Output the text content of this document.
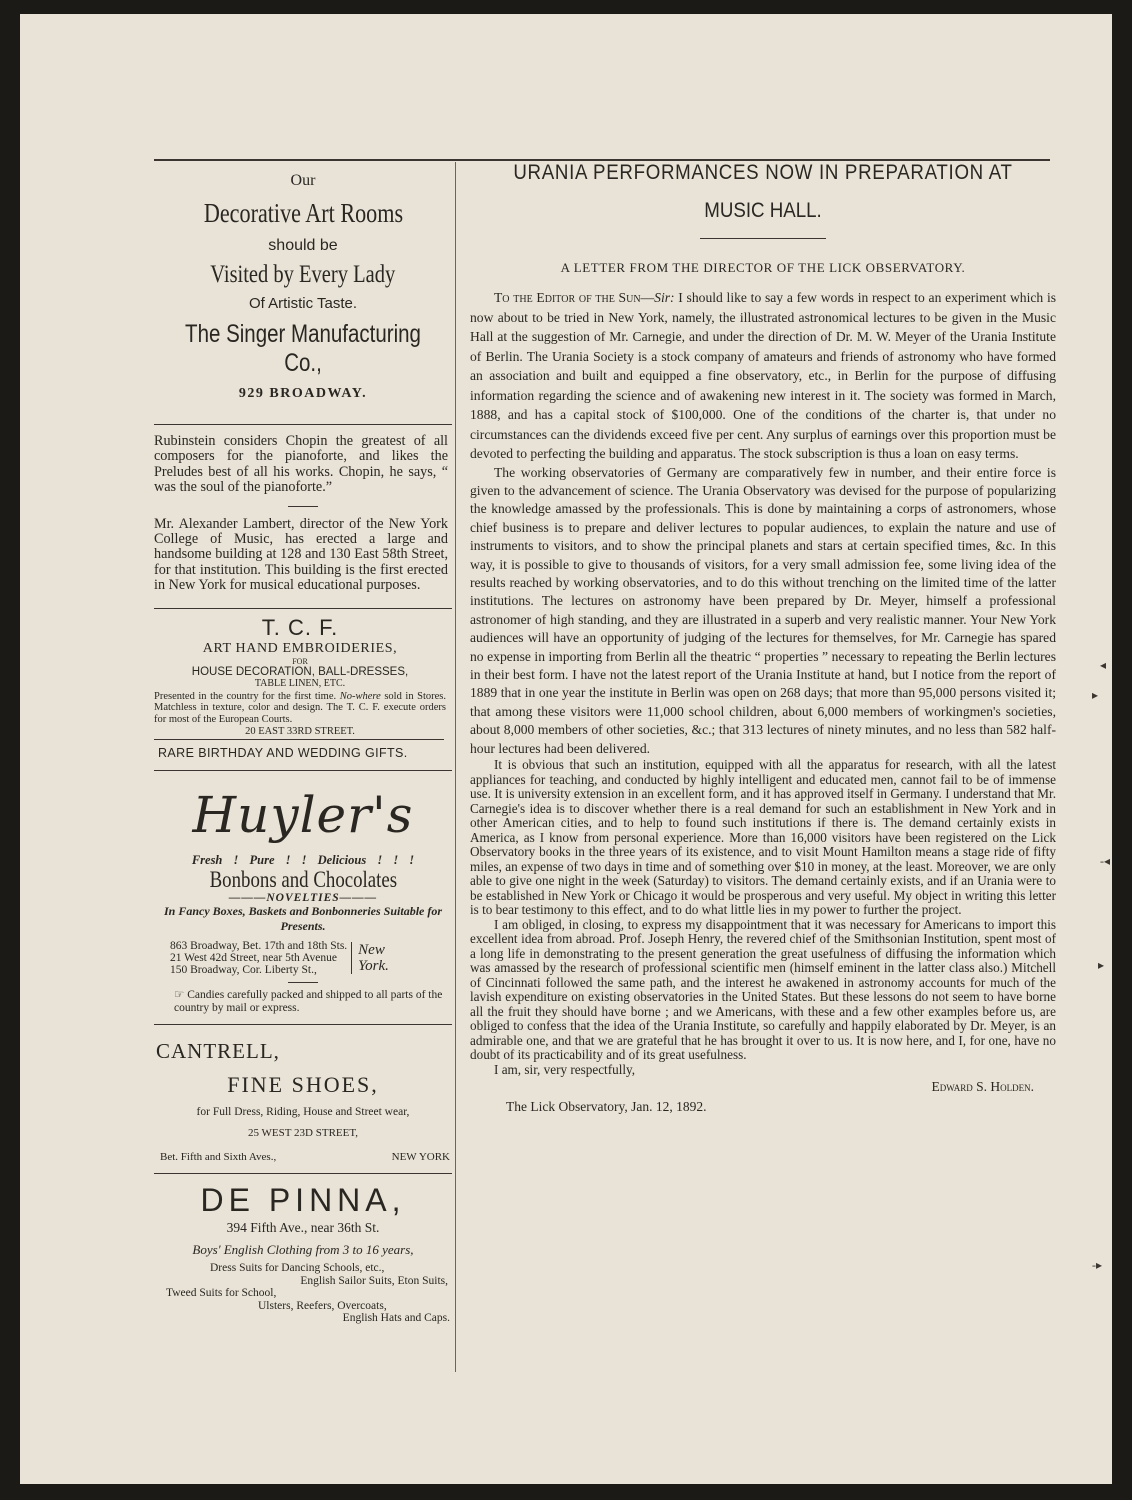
Our
Decorative Art Rooms
should be
Visited by Every Lady
Of Artistic Taste.
The Singer Manufacturing Co.,
929 BROADWAY.
Rubinstein considers Chopin the greatest of all composers for the pianoforte, and likes the Preludes best of all his works. Chopin, he says, “ was the soul of the pianoforte.”
Mr. Alexander Lambert, director of the New York College of Music, has erected a large and handsome building at 128 and 130 East 58th Street, for that institution. This building is the first erected in New York for musical educational purposes.
T. C. F.
ART HAND EMBROIDERIES,
FOR
HOUSE DECORATION, BALL-DRESSES,
TABLE LINEN, ETC.
Presented in the country for the first time. No-where sold in Stores. Matchless in texture, color and design. The T. C. F. execute orders for most of the European Courts.
20 EAST 33RD STREET.
RARE BIRTHDAY AND WEDDING GIFTS.
Huyler's
Fresh ! Pure ! ! Delicious ! ! !
Bonbons and Chocolates
———NOVELTIES———
In Fancy Boxes, Baskets and Bonbonneries Suitable for Presents.
863 Broadway, Bet. 17th and 18th Sts.
21 West 42d Street, near 5th Avenue
150 Broadway, Cor. Liberty St.,
New York.
☞ Candies carefully packed and shipped to all parts of the country by mail or express.
CANTRELL,
FINE SHOES,
for Full Dress, Riding, House and Street wear,
25 WEST 23D STREET,
Bet. Fifth and Sixth Aves.,	NEW YORK
DE PINNA,
394 Fifth Ave., near 36th St.
Boys' English Clothing from 3 to 16 years,
Dress Suits for Dancing Schools, etc.,
English Sailor Suits, Eton Suits,
Tweed Suits for School,
Ulsters, Reefers, Overcoats,
English Hats and Caps.
URANIA PERFORMANCES NOW IN PREPARATION AT
MUSIC HALL.
A LETTER FROM THE DIRECTOR OF THE LICK OBSERVATORY.

To the Editor of the Sun—Sir: I should like to say a few words in respect to an experiment which is now about to be tried in New York, namely, the illustrated astronomical lectures to be given in the Music Hall at the suggestion of Mr. Carnegie, and under the direction of Dr. M. W. Meyer of the Urania Institute of Berlin. The Urania Society is a stock company of amateurs and friends of astronomy who have formed an association and built and equipped a fine observatory, etc., in Berlin for the purpose of diffusing information regarding the science and of awakening new interest in it. The society was formed in March, 1888, and has a capital stock of $100,000. One of the conditions of the charter is, that under no circumstances can the dividends exceed five per cent. Any surplus of earnings over this proportion must be devoted to perfecting the building and apparatus. The stock subscription is thus a loan on easy terms.

The working observatories of Germany are comparatively few in number, and their entire force is given to the advancement of science. The Urania Observatory was devised for the purpose of popularizing the knowledge amassed by the professionals. This is done by maintaining a corps of astronomers, whose chief business is to prepare and deliver lectures to popular audiences, to explain the nature and use of instruments to visitors, and to show the principal planets and stars at certain specified times, &c. In this way, it is possible to give to thousands of visitors, for a very small admission fee, some living idea of the results reached by working observatories, and to do this without trenching on the limited time of the latter institutions. The lectures on astronomy have been prepared by Dr. Meyer, himself a professional astronomer of high standing, and they are illustrated in a superb and very realistic manner. Your New York audiences will have an opportunity of judging of the lectures for themselves, for Mr. Carnegie has spared no expense in importing from Berlin all the theatric “ properties ” necessary to repeating the Berlin lectures in their best form. I have not the latest report of the Urania Institute at hand, but I notice from the report of 1889 that in one year the institute in Berlin was open on 268 days; that more than 95,000 persons visited it; that among these visitors were 11,000 school children, about 6,000 members of workingmen's societies, about 8,000 members of other societies, &c.; that 313 lectures of ninety minutes, and no less than 582 half-hour lectures had been delivered.

It is obvious that such an institution, equipped with all the apparatus for research, with all the latest appliances for teaching, and conducted by highly intelligent and educated men, cannot fail to be of immense use. It is university extension in an excellent form, and it has approved itself in Germany. I understand that Mr. Carnegie's idea is to discover whether there is a real demand for such an establishment in New York and in other American cities, and to help to found such institutions if there is. The demand certainly exists in America, as I know from personal experience. More than 16,000 visitors have been registered on the Lick Observatory books in the three years of its existence, and to visit Mount Hamilton means a stage ride of fifty miles, an expense of two days in time and of something over $10 in money, at the least. Moreover, we are only able to give one night in the week (Saturday) to visitors. The demand certainly exists, and if an Urania were to be established in New York or Chicago it would be prosperous and very useful. My object in writing this letter is to bear testimony to this effect, and to do what little lies in my power to further the project.

I am obliged, in closing, to express my disappointment that it was necessary for Americans to import this excellent idea from abroad. Prof. Joseph Henry, the revered chief of the Smithsonian Institution, spent most of a long life in demonstrating to the present generation the great usefulness of diffusing the information which was amassed by the research of professional scientific men (himself eminent in the latter class also.) Mitchell of Cincinnati followed the same path, and the interest he awakened in astronomy accounts for much of the lavish expenditure on existing observatories in the United States. But these lessons do not seem to have borne all the fruit they should have borne ; and we Americans, with these and a few other examples before us, are obliged to confess that the idea of the Urania Institute, so carefully and happily elaborated by Dr. Meyer, is an admirable one, and that we are grateful that he has brought it over to us. It is now here, and I, for one, have no doubt of its practicability and of its great usefulness.

I am, sir, very respectfully,

Edward S. Holden.
The Lick Observatory, Jan. 12, 1892.
◂
▸
‑◂
▸
‑▸
